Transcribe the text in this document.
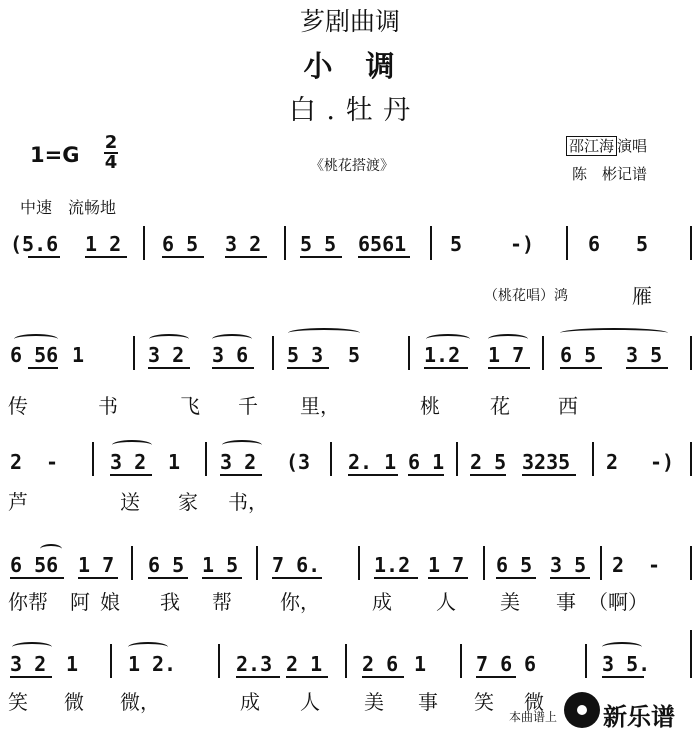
芗剧曲调
小　调
白 . 牡 丹
1=G
2
4	《桃花搭渡》
邵江海 演唱
陈　彬记谱
中速　流畅地
(5.6 1 2 6 5 3 2 5 5 6561 5 -)	6 5
（桃花唱）鸿	雁
6 56 1	3 2 3 6 5 3 5	1.2 1 7 6 5 3 5
传	书	飞 千 里，	桃	花 西
2 -	3 2 1 3 2 (3 2. 1 6 1 2 5 3235 2 -)
芦	送 家 书，
6 56 1 7 6 5 1 5 7 6.	1.2 1 7 6 5 3 5 2 -
你帮 阿 娘 我 帮 你，	成 人 美 事 （啊）
3 2 1 1 2.	2.3 2 1 2 6 1 7 6 6	3 5.
笑 微 微，	成 人 美 事 笑 微
本曲谱上 新乐谱
